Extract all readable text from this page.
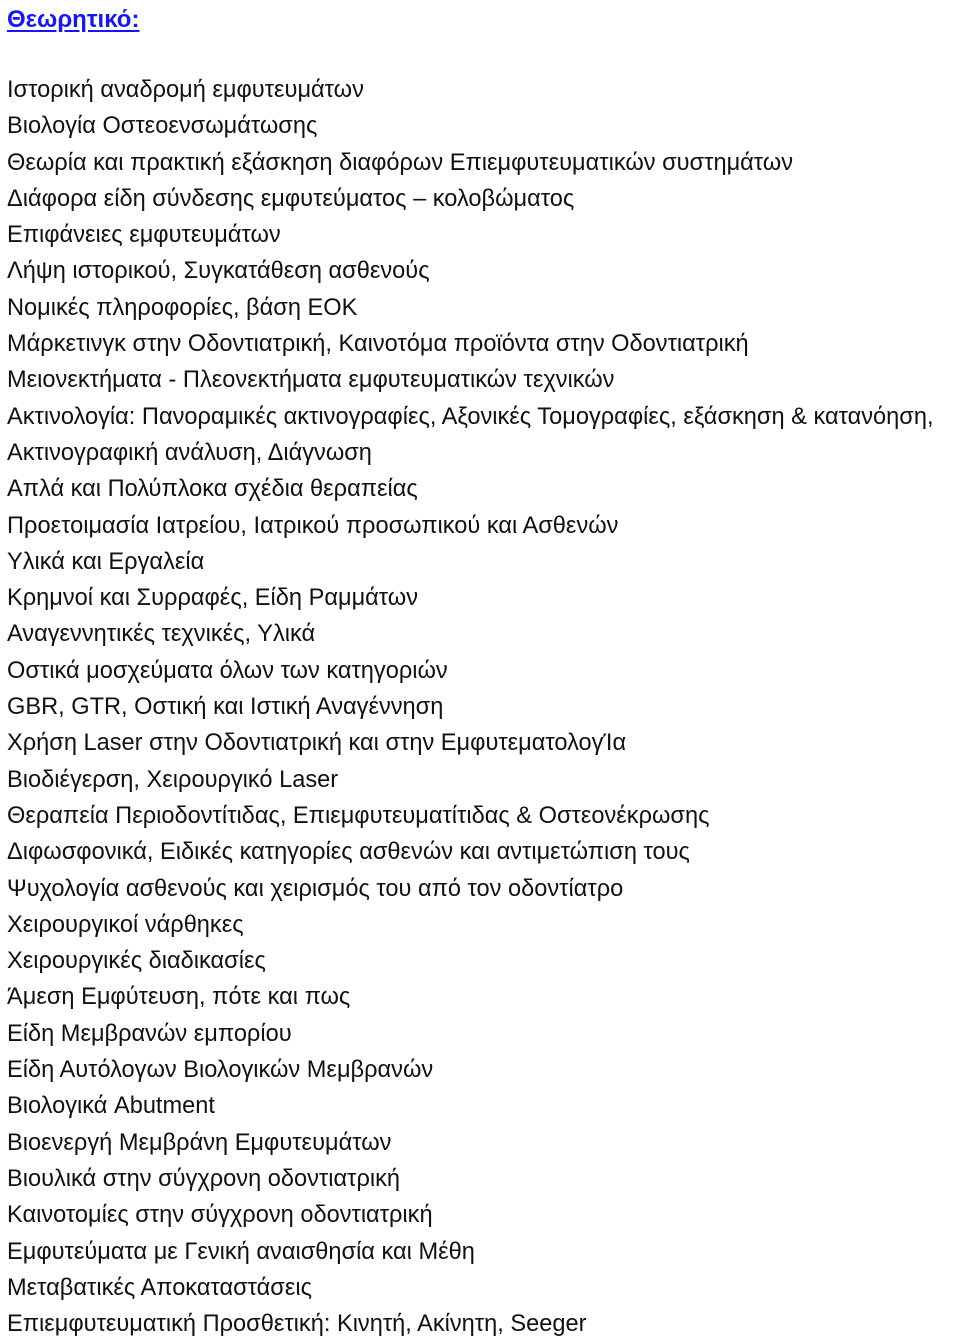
Θεωρητικό:
Ιστορική αναδρομή εμφυτευμάτων
Βιολογία Οστεοενσωμάτωσης
Θεωρία και πρακτική εξάσκηση διαφόρων Επιεμφυτευματικών συστημάτων
Διάφορα είδη σύνδεσης εμφυτεύματος – κολοβώματος
Επιφάνειες εμφυτευμάτων
Λήψη ιστορικού, Συγκατάθεση ασθενούς
Νομικές πληροφορίες, βάση ΕΟΚ
Μάρκετινγκ στην Οδοντιατρική, Καινοτόμα προϊόντα στην Οδοντιατρική
Μειονεκτήματα - Πλεονεκτήματα εμφυτευματικών τεχνικών
Ακτινολογία: Πανοραμικές ακτινογραφίες, Αξονικές Τομογραφίες, εξάσκηση & κατανόηση, Ακτινογραφική ανάλυση, Διάγνωση
Απλά και Πολύπλοκα σχέδια θεραπείας
Προετοιμασία Ιατρείου, Ιατρικού προσωπικού και Ασθενών
Υλικά και Εργαλεία
Κρημνοί και Συρραφές, Είδη Ραμμάτων
Αναγεννητικές τεχνικές, Υλικά
Οστικά μοσχεύματα όλων των κατηγοριών
GBR, GTR, Οστική και Ιστική Αναγέννηση
Χρήση Laser στην Οδοντιατρική και στην ΕμφυτεματολογΊα
Βιοδιέγερση, Χειρουργικό Laser
Θεραπεία Περιοδοντίτιδας, Επιεμφυτευματίτιδας & Οστεονέκρωσης
Διφωσφονικά, Ειδικές κατηγορίες ασθενών και αντιμετώπιση τους
Ψυχολογία ασθενούς και χειρισμός του από τον οδοντίατρο
Χειρουργικοί νάρθηκες
Χειρουργικές διαδικασίες
Άμεση Εμφύτευση, πότε και πως
Είδη Μεμβρανών εμπορίου
Είδη Αυτόλογων Βιολογικών Μεμβρανών
Βιολογικά Abutment
Βιοενεργή Μεμβράνη Εμφυτευμάτων
Βιουλικά στην σύγχρονη οδοντιατρική
Καινοτομίες στην σύγχρονη οδοντιατρική
Εμφυτεύματα με Γενική αναισθησία και Μέθη
Μεταβατικές Αποκαταστάσεις
Επιεμφυτευματική Προσθετική: Κινητή, Ακίνητη, Seeger
